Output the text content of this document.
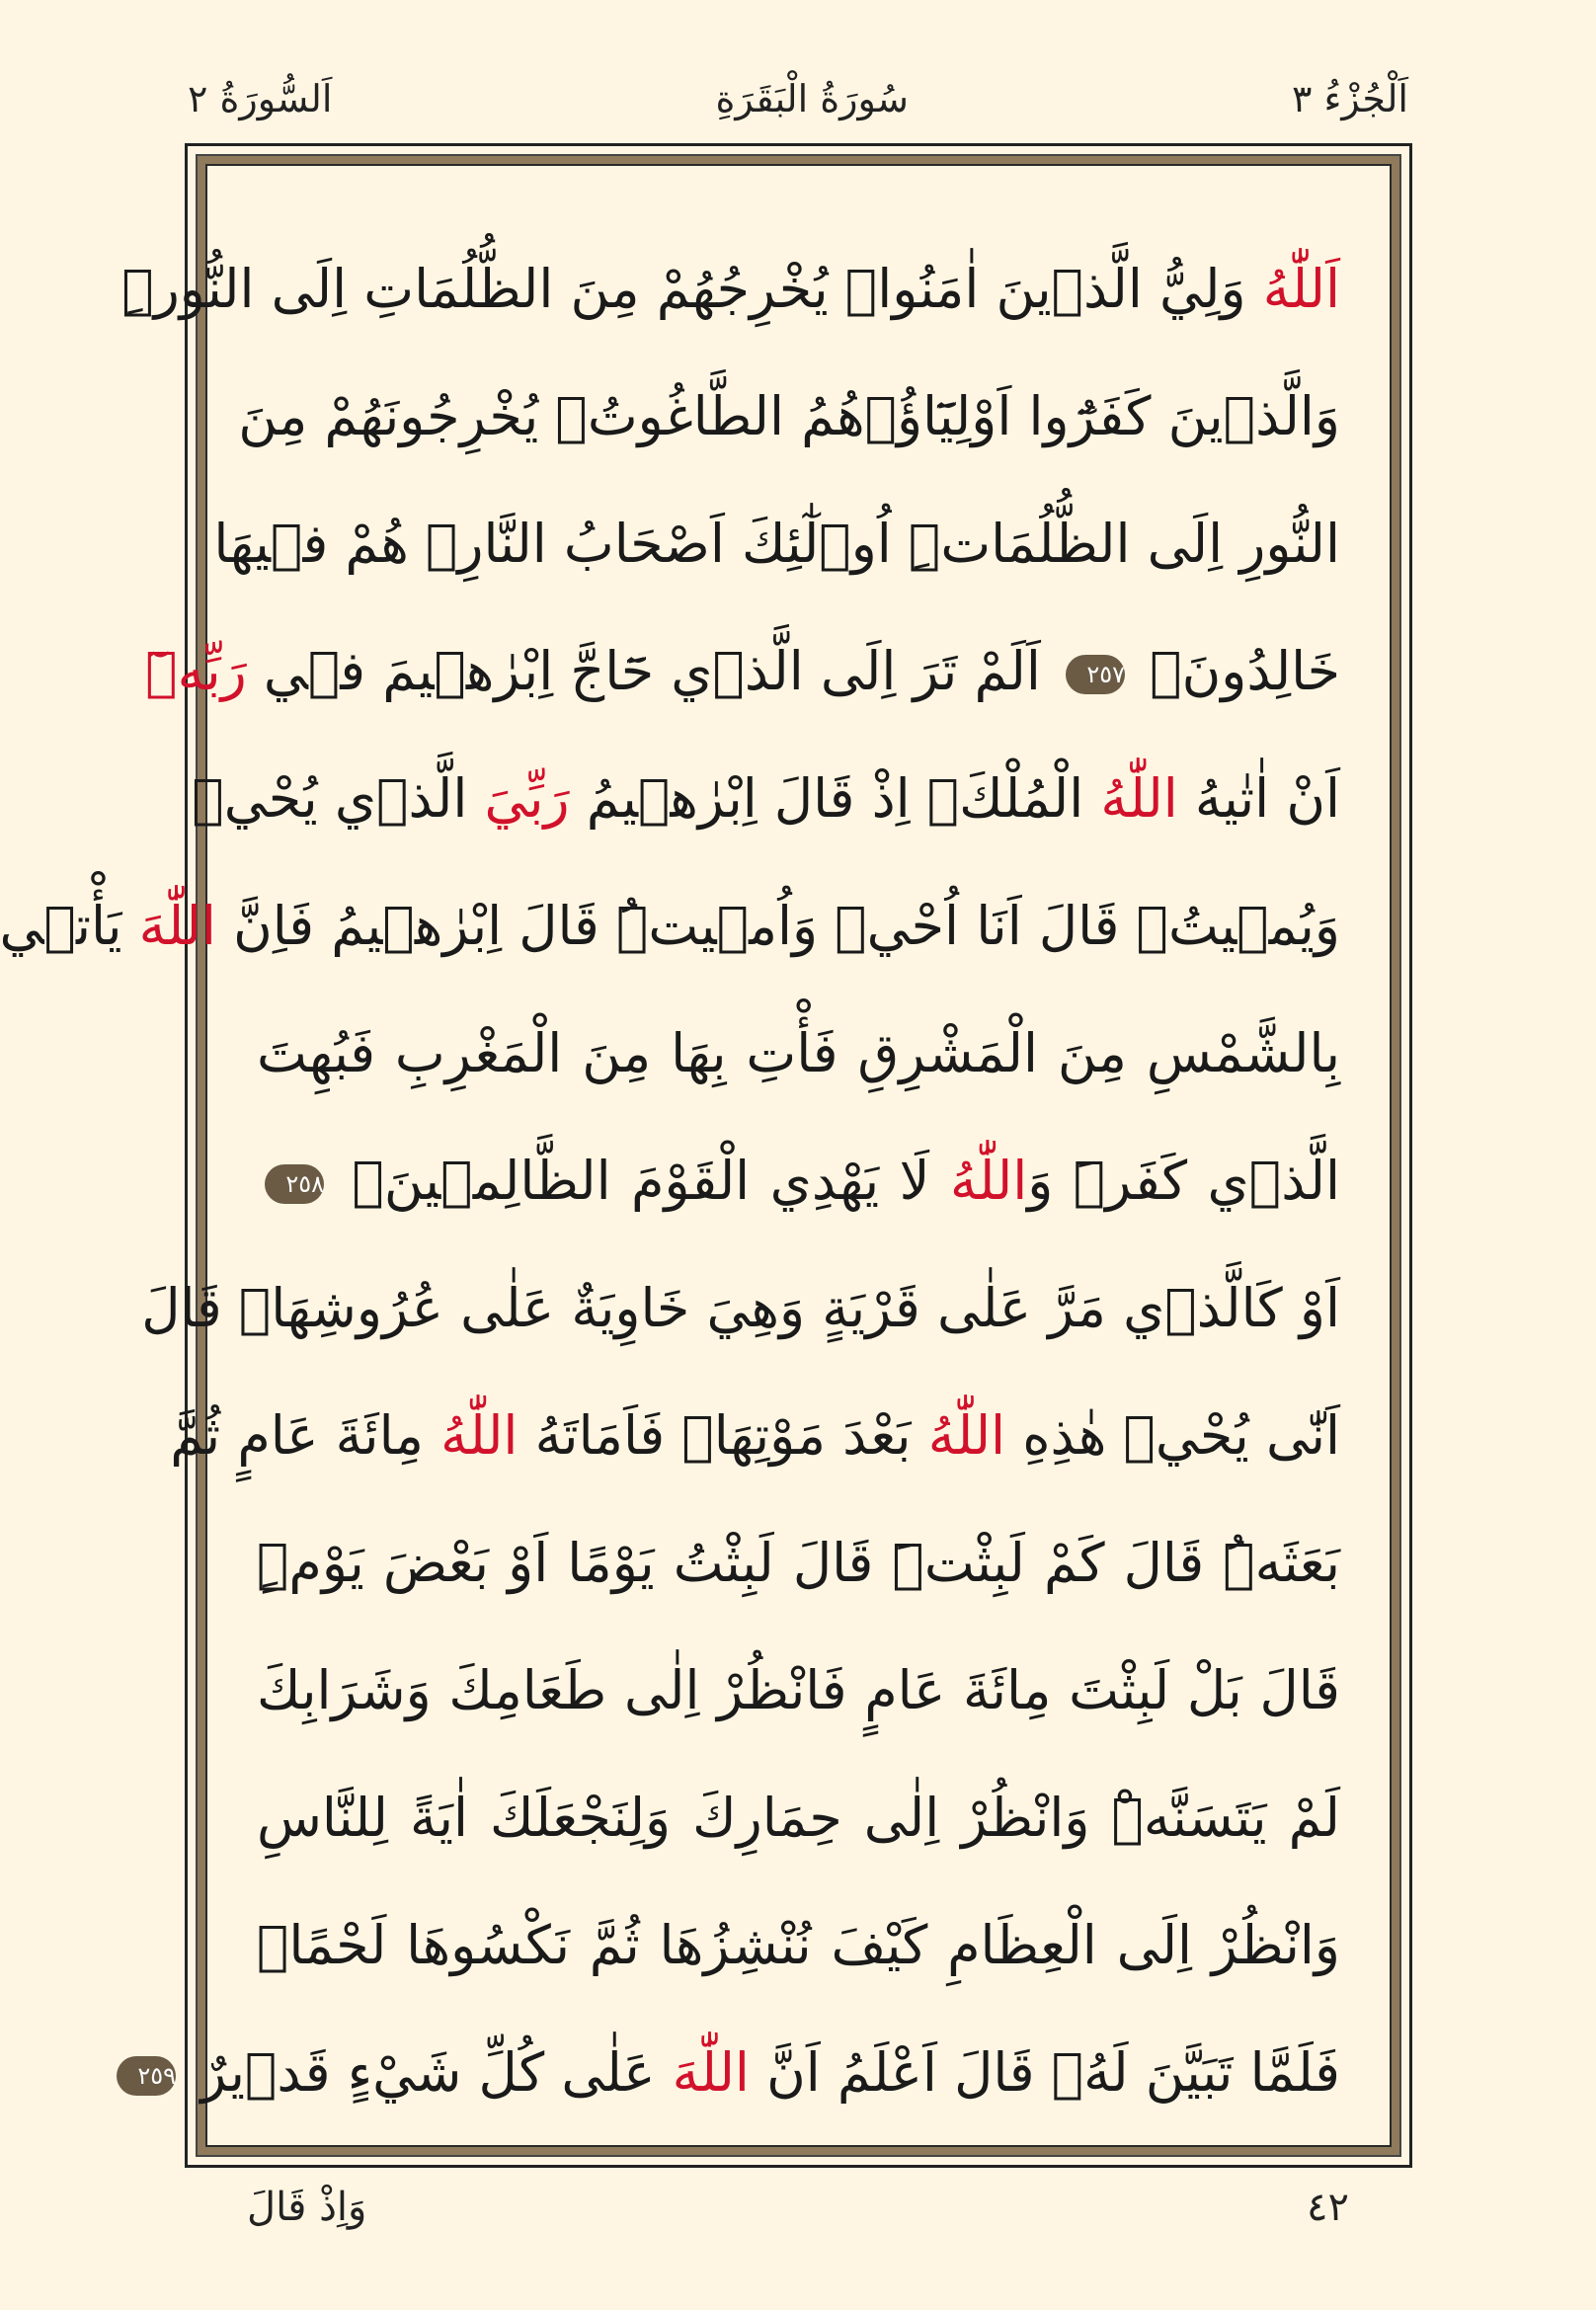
اَلْجُزْءُ ٣
سُورَةُ الْبَقَرَةِ
اَلسُّورَةُ ٢
اَللّٰهُ وَلِيُّ الَّذ۪ينَ اٰمَنُواۙ يُخْرِجُهُمْ مِنَ الظُّلُمَاتِ اِلَى النُّورِۜ
وَالَّذ۪ينَ كَفَرُٓوا اَوْلِيَٓاؤُ۬هُمُ الطَّاغُوتُۙ يُخْرِجُونَهُمْ مِنَ
النُّورِ اِلَى الظُّلُمَاتِۜ اُو۬لٰٓئِكَ اَصْحَابُ النَّارِۚ هُمْ ف۪يهَا
خَالِدُونَ۟ ٢٥٧ اَلَمْ تَرَ اِلَى الَّذ۪ي حَٓاجَّ اِبْرٰه۪يمَ ف۪ي رَبِّه۪ٓ
اَنْ اٰتٰيهُ اللّٰهُ الْمُلْكَۢ اِذْ قَالَ اِبْرٰه۪يمُ رَبِّيَ الَّذ۪ي يُحْي۪
وَيُم۪يتُۙ قَالَ اَنَا اُحْي۪ وَاُم۪يتُۜ قَالَ اِبْرٰه۪يمُ فَاِنَّ اللّٰهَ يَأْت۪ي
بِالشَّمْسِ مِنَ الْمَشْرِقِ فَأْتِ بِهَا مِنَ الْمَغْرِبِ فَبُهِتَ
الَّذ۪ي كَفَرَۜ وَاللّٰهُ لَا يَهْدِي الْقَوْمَ الظَّالِم۪ينَۚ ٢٥٨
اَوْ كَالَّذ۪ي مَرَّ عَلٰى قَرْيَةٍ وَهِيَ خَاوِيَةٌ عَلٰى عُرُوشِهَاۚ قَالَ
اَنّٰى يُحْي۪ هٰذِهِ اللّٰهُ بَعْدَ مَوْتِهَاۚ فَاَمَاتَهُ اللّٰهُ مِائَةَ عَامٍ ثُمَّ
بَعَثَهُۜ قَالَ كَمْ لَبِثْتَۜ قَالَ لَبِثْتُ يَوْمًا اَوْ بَعْضَ يَوْمٍۜ
قَالَ بَلْ لَبِثْتَ مِائَةَ عَامٍ فَانْظُرْ اِلٰى طَعَامِكَ وَشَرَابِكَ
لَمْ يَتَسَنَّهْۜ وَانْظُرْ اِلٰى حِمَارِكَ وَلِنَجْعَلَكَ اٰيَةً لِلنَّاسِ
وَانْظُرْ اِلَى الْعِظَامِ كَيْفَ نُنْشِزُهَا ثُمَّ نَكْسُوهَا لَحْمًاۜ
فَلَمَّا تَبَيَّنَ لَهُۙ قَالَ اَعْلَمُ اَنَّ اللّٰهَ عَلٰى كُلِّ شَيْءٍ قَد۪يرٌ ٢٥٩
٤٢
وَاِذْ قَالَ
